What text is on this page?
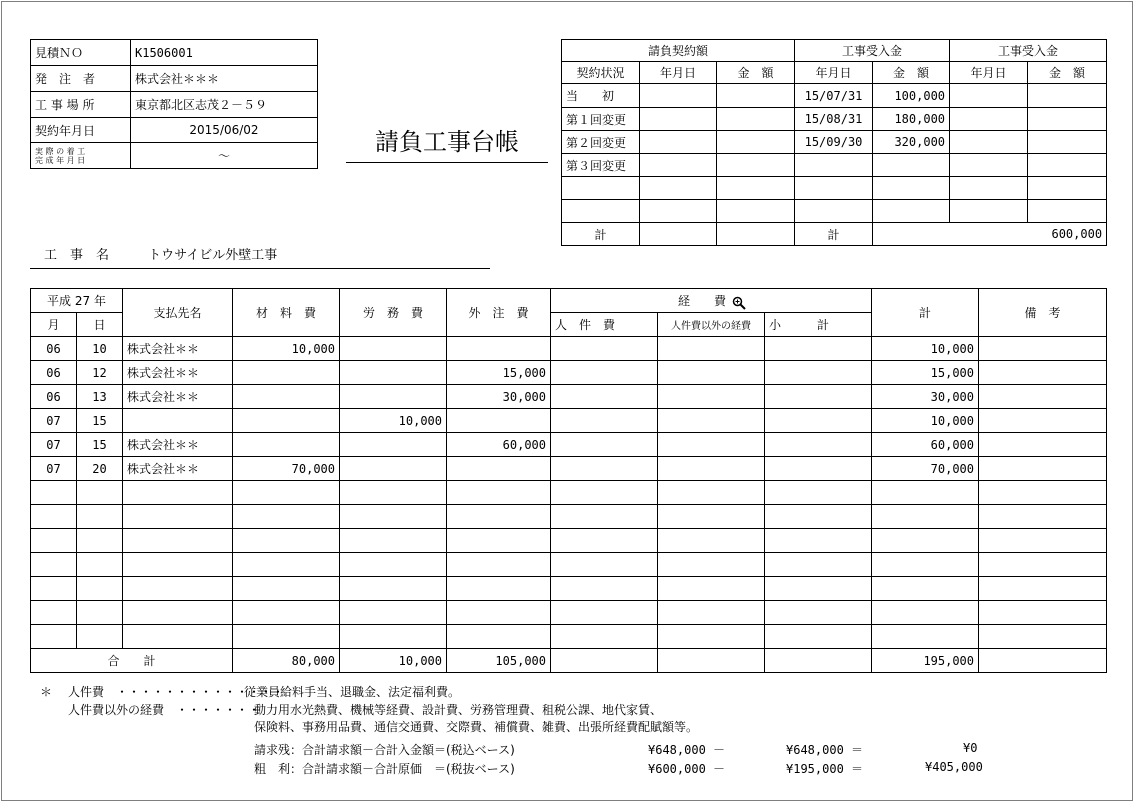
見積ＮＯ	K1506001
発　注　者	株式会社＊＊＊
工 事 場 所	東京都北区志茂２－５９
契約年月日	2015/06/02

実 際 の 着 工
完 成 年 月 日	～	請負工事台帳
請負契約額			工事受入金		工事受入金	
契約状況	年月日	金　額	年月日	金　額	年月日	金　額
当　　初			15/07/31	100,000		
第１回変更			15/08/31	180,000		
第２回変更			15/09/30	320,000		
第３回変更						

計			計	600,000		
工　事　名	トウサイビル外壁工事
平成 27 年		支払先名	材　料　費	労　務　費	外　注　費	経　　費			計	備　考
月	日					人　件　費	人件費以外の経費	小　　　計		
06	10	株式会社＊＊	10,000						10,000	
06	12	株式会社＊＊			15,000				15,000	
06	13	株式会社＊＊			30,000				30,000	
07	15			10,000					10,000	
07	15	株式会社＊＊			60,000				60,000	
07	20	株式会社＊＊	70,000						70,000	

合　　計			80,000	10,000	105,000				195,000	
＊ 人件費　・・・・・・・・・・・・・・
従業員給料手当、退職金、法定福利費。
人件費以外の経費　・・・・・・・
動力用水光熱費、機械等経費、設計費、労務管理費、租税公課、地代家賃、
保険料、事務用品費、通信交通費、交際費、補償費、雑費、出張所経費配賦額等。
請求残：合計請求額－合計入金額＝(税込ベース)	¥648,000 －	¥648,000 ＝	¥0
粗　利：合計請求額－合計原価　＝(税抜ベース)	¥600,000 －	¥195,000 ＝	¥405,000
